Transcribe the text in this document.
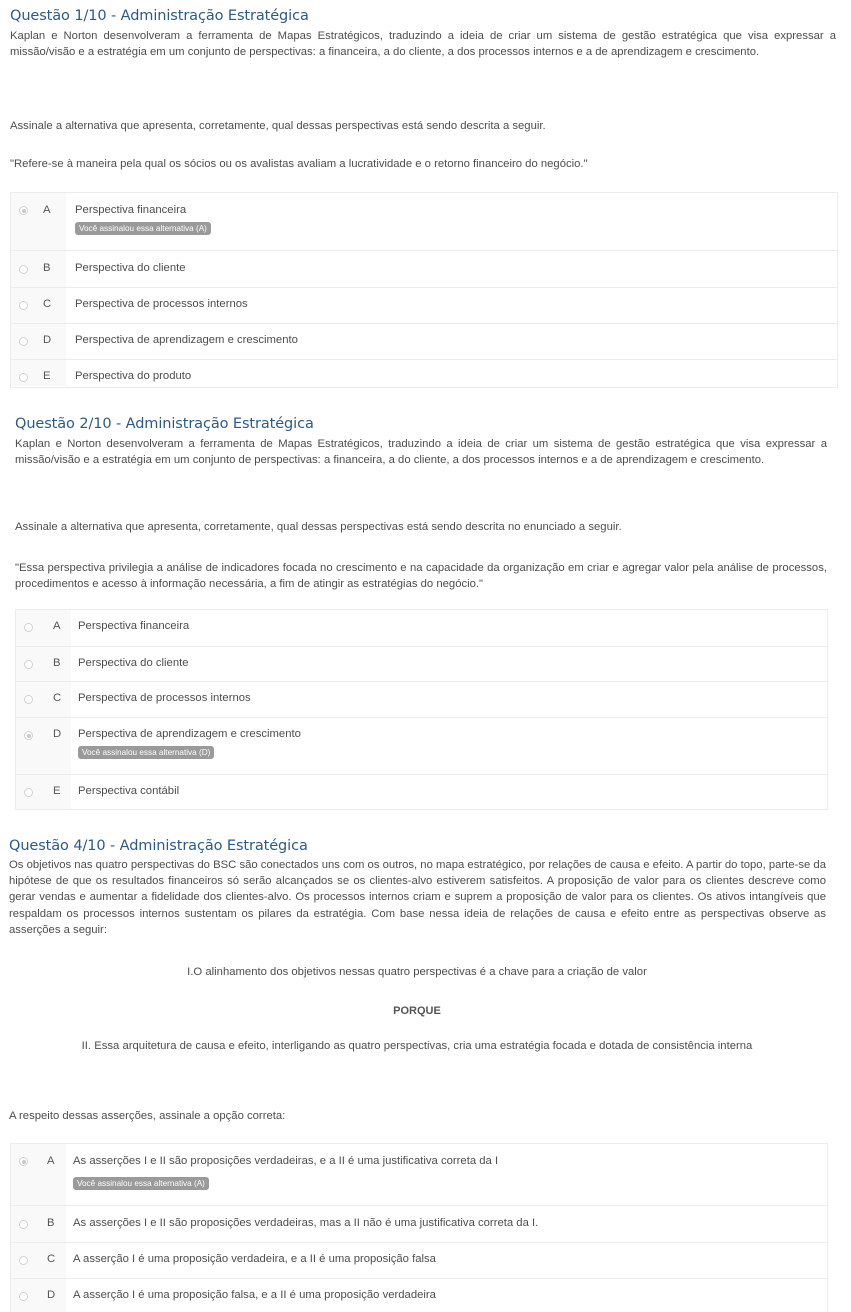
Questão 1/10 - Administração Estratégica
Kaplan e Norton desenvolveram a ferramenta de Mapas Estratégicos, traduzindo a ideia de criar um sistema de gestão estratégica que visa expressar a missão/visão e a estratégia em um conjunto de perspectivas: a financeira, a do cliente, a dos processos internos e a de aprendizagem e crescimento.
Assinale a alternativa que apresenta, corretamente, qual dessas perspectivas está sendo descrita a seguir.
"Refere-se à maneira pela qual os sócios ou os avalistas avaliam a lucratividade e o retorno financeiro do negócio."
A Perspectiva financeira
Você assinalou essa alternativa (A)
B Perspectiva do cliente
C Perspectiva de processos internos
D Perspectiva de aprendizagem e crescimento
E Perspectiva do produto
Questão 2/10 - Administração Estratégica
Kaplan e Norton desenvolveram a ferramenta de Mapas Estratégicos, traduzindo a ideia de criar um sistema de gestão estratégica que visa expressar a missão/visão e a estratégia em um conjunto de perspectivas: a financeira, a do cliente, a dos processos internos e a de aprendizagem e crescimento.
Assinale a alternativa que apresenta, corretamente, qual dessas perspectivas está sendo descrita no enunciado a seguir.
"Essa perspectiva privilegia a análise de indicadores focada no crescimento e na capacidade da organização em criar e agregar valor pela análise de processos, procedimentos e acesso à informação necessária, a fim de atingir as estratégias do negócio."
A Perspectiva financeira
B Perspectiva do cliente
C Perspectiva de processos internos
D Perspectiva de aprendizagem e crescimento
Você assinalou essa alternativa (D)
E Perspectiva contábil
Questão 4/10 - Administração Estratégica
Os objetivos nas quatro perspectivas do BSC são conectados uns com os outros, no mapa estratégico, por relações de causa e efeito. A partir do topo, parte-se da hipótese de que os resultados financeiros só serão alcançados se os clientes-alvo estiverem satisfeitos. A proposição de valor para os clientes descreve como gerar vendas e aumentar a fidelidade dos clientes-alvo. Os processos internos criam e suprem a proposição de valor para os clientes. Os ativos intangíveis que respaldam os processos internos sustentam os pilares da estratégia. Com base nessa ideia de relações de causa e efeito entre as perspectivas observe as asserções a seguir:
I.O alinhamento dos objetivos nessas quatro perspectivas é a chave para a criação de valor
PORQUE
II. Essa arquitetura de causa e efeito, interligando as quatro perspectivas, cria uma estratégia focada e dotada de consistência interna
A respeito dessas asserções, assinale a opção correta:
A As asserções I e II são proposições verdadeiras, e a II é uma justificativa correta da I
Você assinalou essa alternativa (A)
B As asserções I e II são proposições verdadeiras, mas a II não é uma justificativa correta da I.
C A asserção I é uma proposição verdadeira, e a II é uma proposição falsa
D A asserção I é uma proposição falsa, e a II é uma proposição verdadeira
